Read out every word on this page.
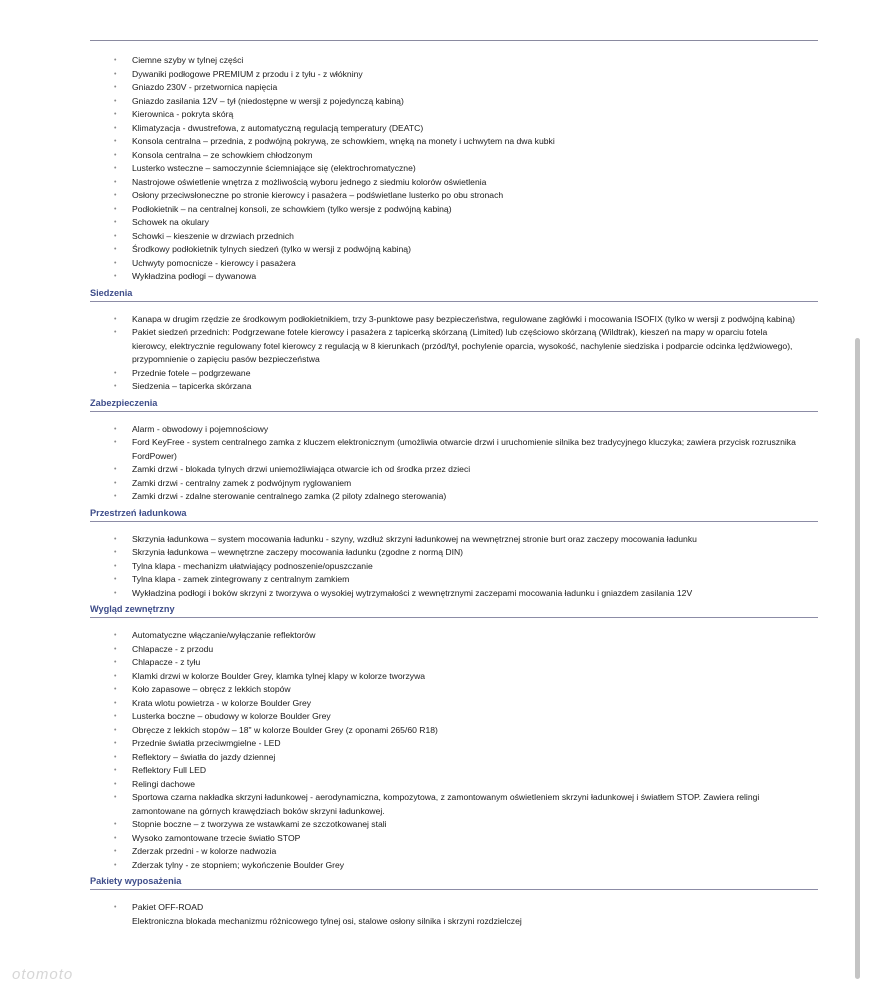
• Ciemne szyby w tylnej części
• Dywaniki podłogowe PREMIUM z przodu i z tyłu - z włókniny
• Gniazdo 230V - przetwornica napięcia
• Gniazdo zasilania 12V – tył (niedostępne w wersji z pojedynczą kabiną)
• Kierownica - pokryta skórą
• Klimatyzacja - dwustrefowa, z automatyczną regulacją temperatury (DEATC)
• Konsola centralna – przednia, z podwójną pokrywą, ze schowkiem, wnęką na monety i uchwytem na dwa kubki
• Konsola centralna – ze schowkiem chłodzonym
• Lusterko wsteczne – samoczynnie ściemniające się (elektrochromatyczne)
• Nastrojowe oświetlenie wnętrza z możliwością wyboru jednego z siedmiu kolorów oświetlenia
• Osłony przeciwsłoneczne po stronie kierowcy i pasażera – podświetlane lusterko po obu stronach
• Podłokietnik – na centralnej konsoli, ze schowkiem (tylko wersje z podwójną kabiną)
• Schowek na okulary
• Schowki – kieszenie w drzwiach przednich
• Środkowy podłokietnik tylnych siedzeń (tylko w wersji z podwójną kabiną)
• Uchwyty pomocnicze - kierowcy i pasażera
• Wykładzina podłogi – dywanowa
Siedzenia
• Kanapa w drugim rzędzie ze środkowym podłokietnikiem, trzy 3-punktowe pasy bezpieczeństwa, regulowane zagłówki i mocowania ISOFIX (tylko w wersji z podwójną kabiną)
• Pakiet siedzeń przednich: Podgrzewane fotele kierowcy i pasażera z tapicerką skórzaną (Limited) lub częściowo skórzaną (Wildtrak), kieszeń na mapy w oparciu fotela kierowcy, elektrycznie regulowany fotel kierowcy z regulacją w 8 kierunkach (przód/tył, pochylenie oparcia, wysokość, nachylenie siedziska i podparcie odcinka lędźwiowego), przypomnienie o zapięciu pasów bezpieczeństwa
• Przednie fotele – podgrzewane
• Siedzenia – tapicerka skórzana
Zabezpieczenia
• Alarm - obwodowy i pojemnościowy
• Ford KeyFree - system centralnego zamka z kluczem elektronicznym (umożliwia otwarcie drzwi i uruchomienie silnika bez tradycyjnego kluczyka; zawiera przycisk rozrusznika FordPower)
• Zamki drzwi - blokada tylnych drzwi uniemożliwiająca otwarcie ich od środka przez dzieci
• Zamki drzwi - centralny zamek z podwójnym ryglowaniem
• Zamki drzwi - zdalne sterowanie centralnego zamka (2 piloty zdalnego sterowania)
Przestrzeń ładunkowa
• Skrzynia ładunkowa – system mocowania ładunku - szyny, wzdłuż skrzyni ładunkowej na wewnętrznej stronie burt oraz zaczepy mocowania ładunku
• Skrzynia ładunkowa – wewnętrzne zaczepy mocowania ładunku (zgodne z normą DIN)
• Tylna klapa - mechanizm ułatwiający podnoszenie/opuszczanie
• Tylna klapa - zamek zintegrowany z centralnym zamkiem
• Wykładzina podłogi i boków skrzyni z tworzywa o wysokiej wytrzymałości z wewnętrznymi zaczepami mocowania ładunku i gniazdem zasilania 12V
Wygląd zewnętrzny
• Automatyczne włączanie/wyłączanie reflektorów
• Chlapacze - z przodu
• Chlapacze - z tyłu
• Klamki drzwi w kolorze Boulder Grey, klamka tylnej klapy w kolorze tworzywa
• Koło zapasowe – obręcz z lekkich stopów
• Krata wlotu powietrza - w kolorze Boulder Grey
• Lusterka boczne – obudowy w kolorze Boulder Grey
• Obręcze z lekkich stopów – 18" w kolorze Boulder Grey (z oponami 265/60 R18)
• Przednie światła przeciwmgielne - LED
• Reflektory – światła do jazdy dziennej
• Reflektory Full LED
• Relingi dachowe
• Sportowa czarna nakładka skrzyni ładunkowej - aerodynamiczna, kompozytowa, z zamontowanym oświetleniem skrzyni ładunkowej i światłem STOP. Zawiera relingi zamontowane na górnych krawędziach boków skrzyni ładunkowej.
• Stopnie boczne – z tworzywa ze wstawkami ze szczotkowanej stali
• Wysoko zamontowane trzecie światło STOP
• Zderzak przedni - w kolorze nadwozia
• Zderzak tylny - ze stopniem; wykończenie Boulder Grey
Pakiety wyposażenia
• Pakiet OFF-ROAD
Elektroniczna blokada mechanizmu różnicowego tylnej osi, stalowe osłony silnika i skrzyni rozdzielczej
otomoto
